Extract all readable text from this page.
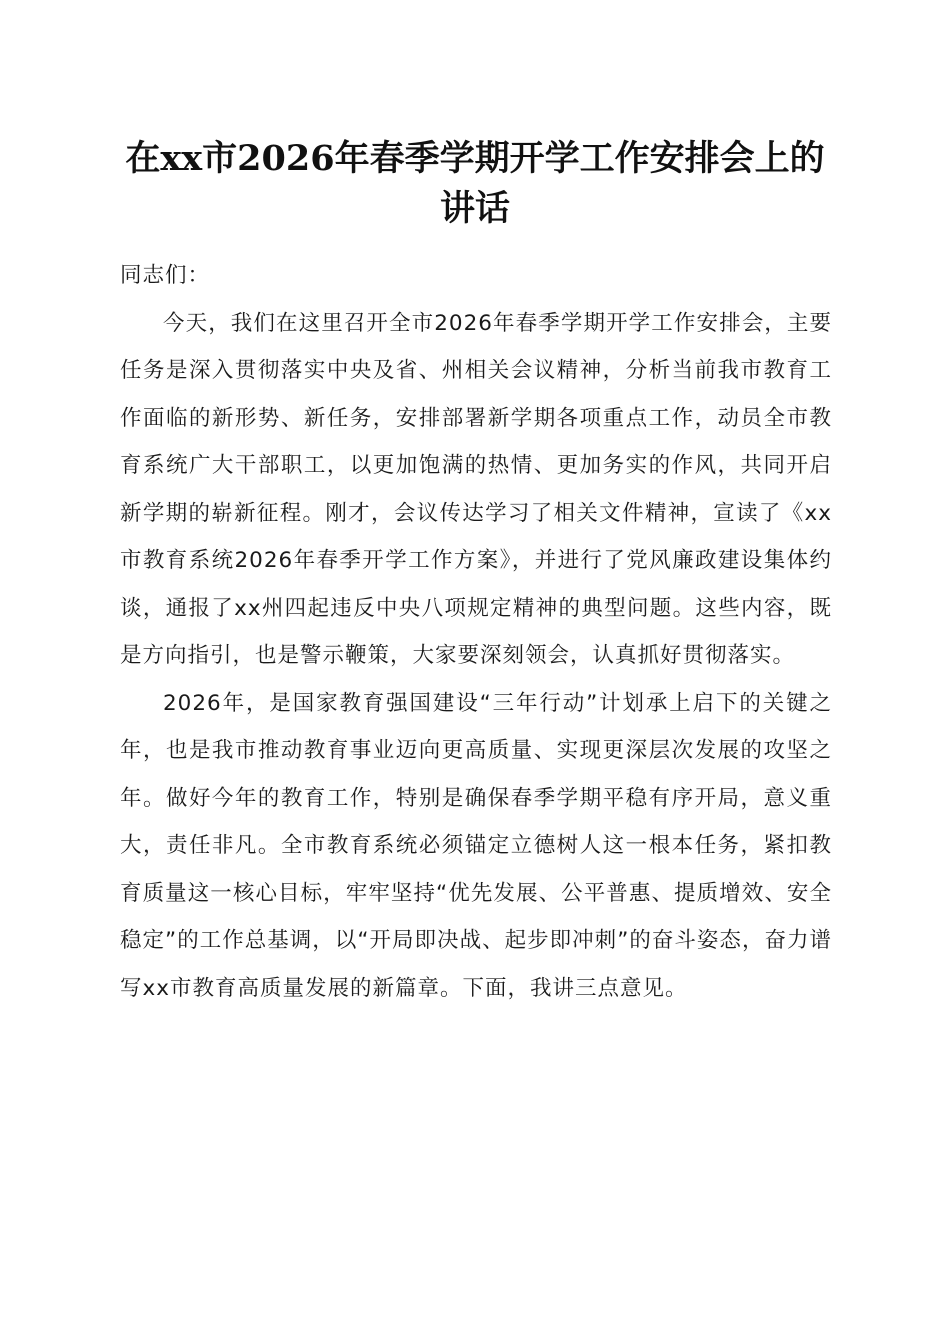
在xx市2026年春季学期开学工作安排会上的
讲话

同志们：

今天，我们在这里召开全市2026年春季学期开学工作安排会，主要任务是深入贯彻落实中央及省、州相关会议精神，分析当前我市教育工作面临的新形势、新任务，安排部署新学期各项重点工作，动员全市教育系统广大干部职工，以更加饱满的热情、更加务实的作风，共同开启新学期的崭新征程。刚才，会议传达学习了相关文件精神，宣读了《xx市教育系统2026年春季开学工作方案》，并进行了党风廉政建设集体约谈，通报了xx州四起违反中央八项规定精神的典型问题。这些内容，既是方向指引，也是警示鞭策，大家要深刻领会，认真抓好贯彻落实。

2026年，是国家教育强国建设“三年行动”计划承上启下的关键之年，也是我市推动教育事业迈向更高质量、实现更深层次发展的攻坚之年。做好今年的教育工作，特别是确保春季学期平稳有序开局，意义重大，责任非凡。全市教育系统必须锚定立德树人这一根本任务，紧扣教育质量这一核心目标，牢牢坚持“优先发展、公平普惠、提质增效、安全稳定”的工作总基调，以“开局即决战、起步即冲刺”的奋斗姿态，奋力谱写xx市教育高质量发展的新篇章。下面，我讲三点意见。
